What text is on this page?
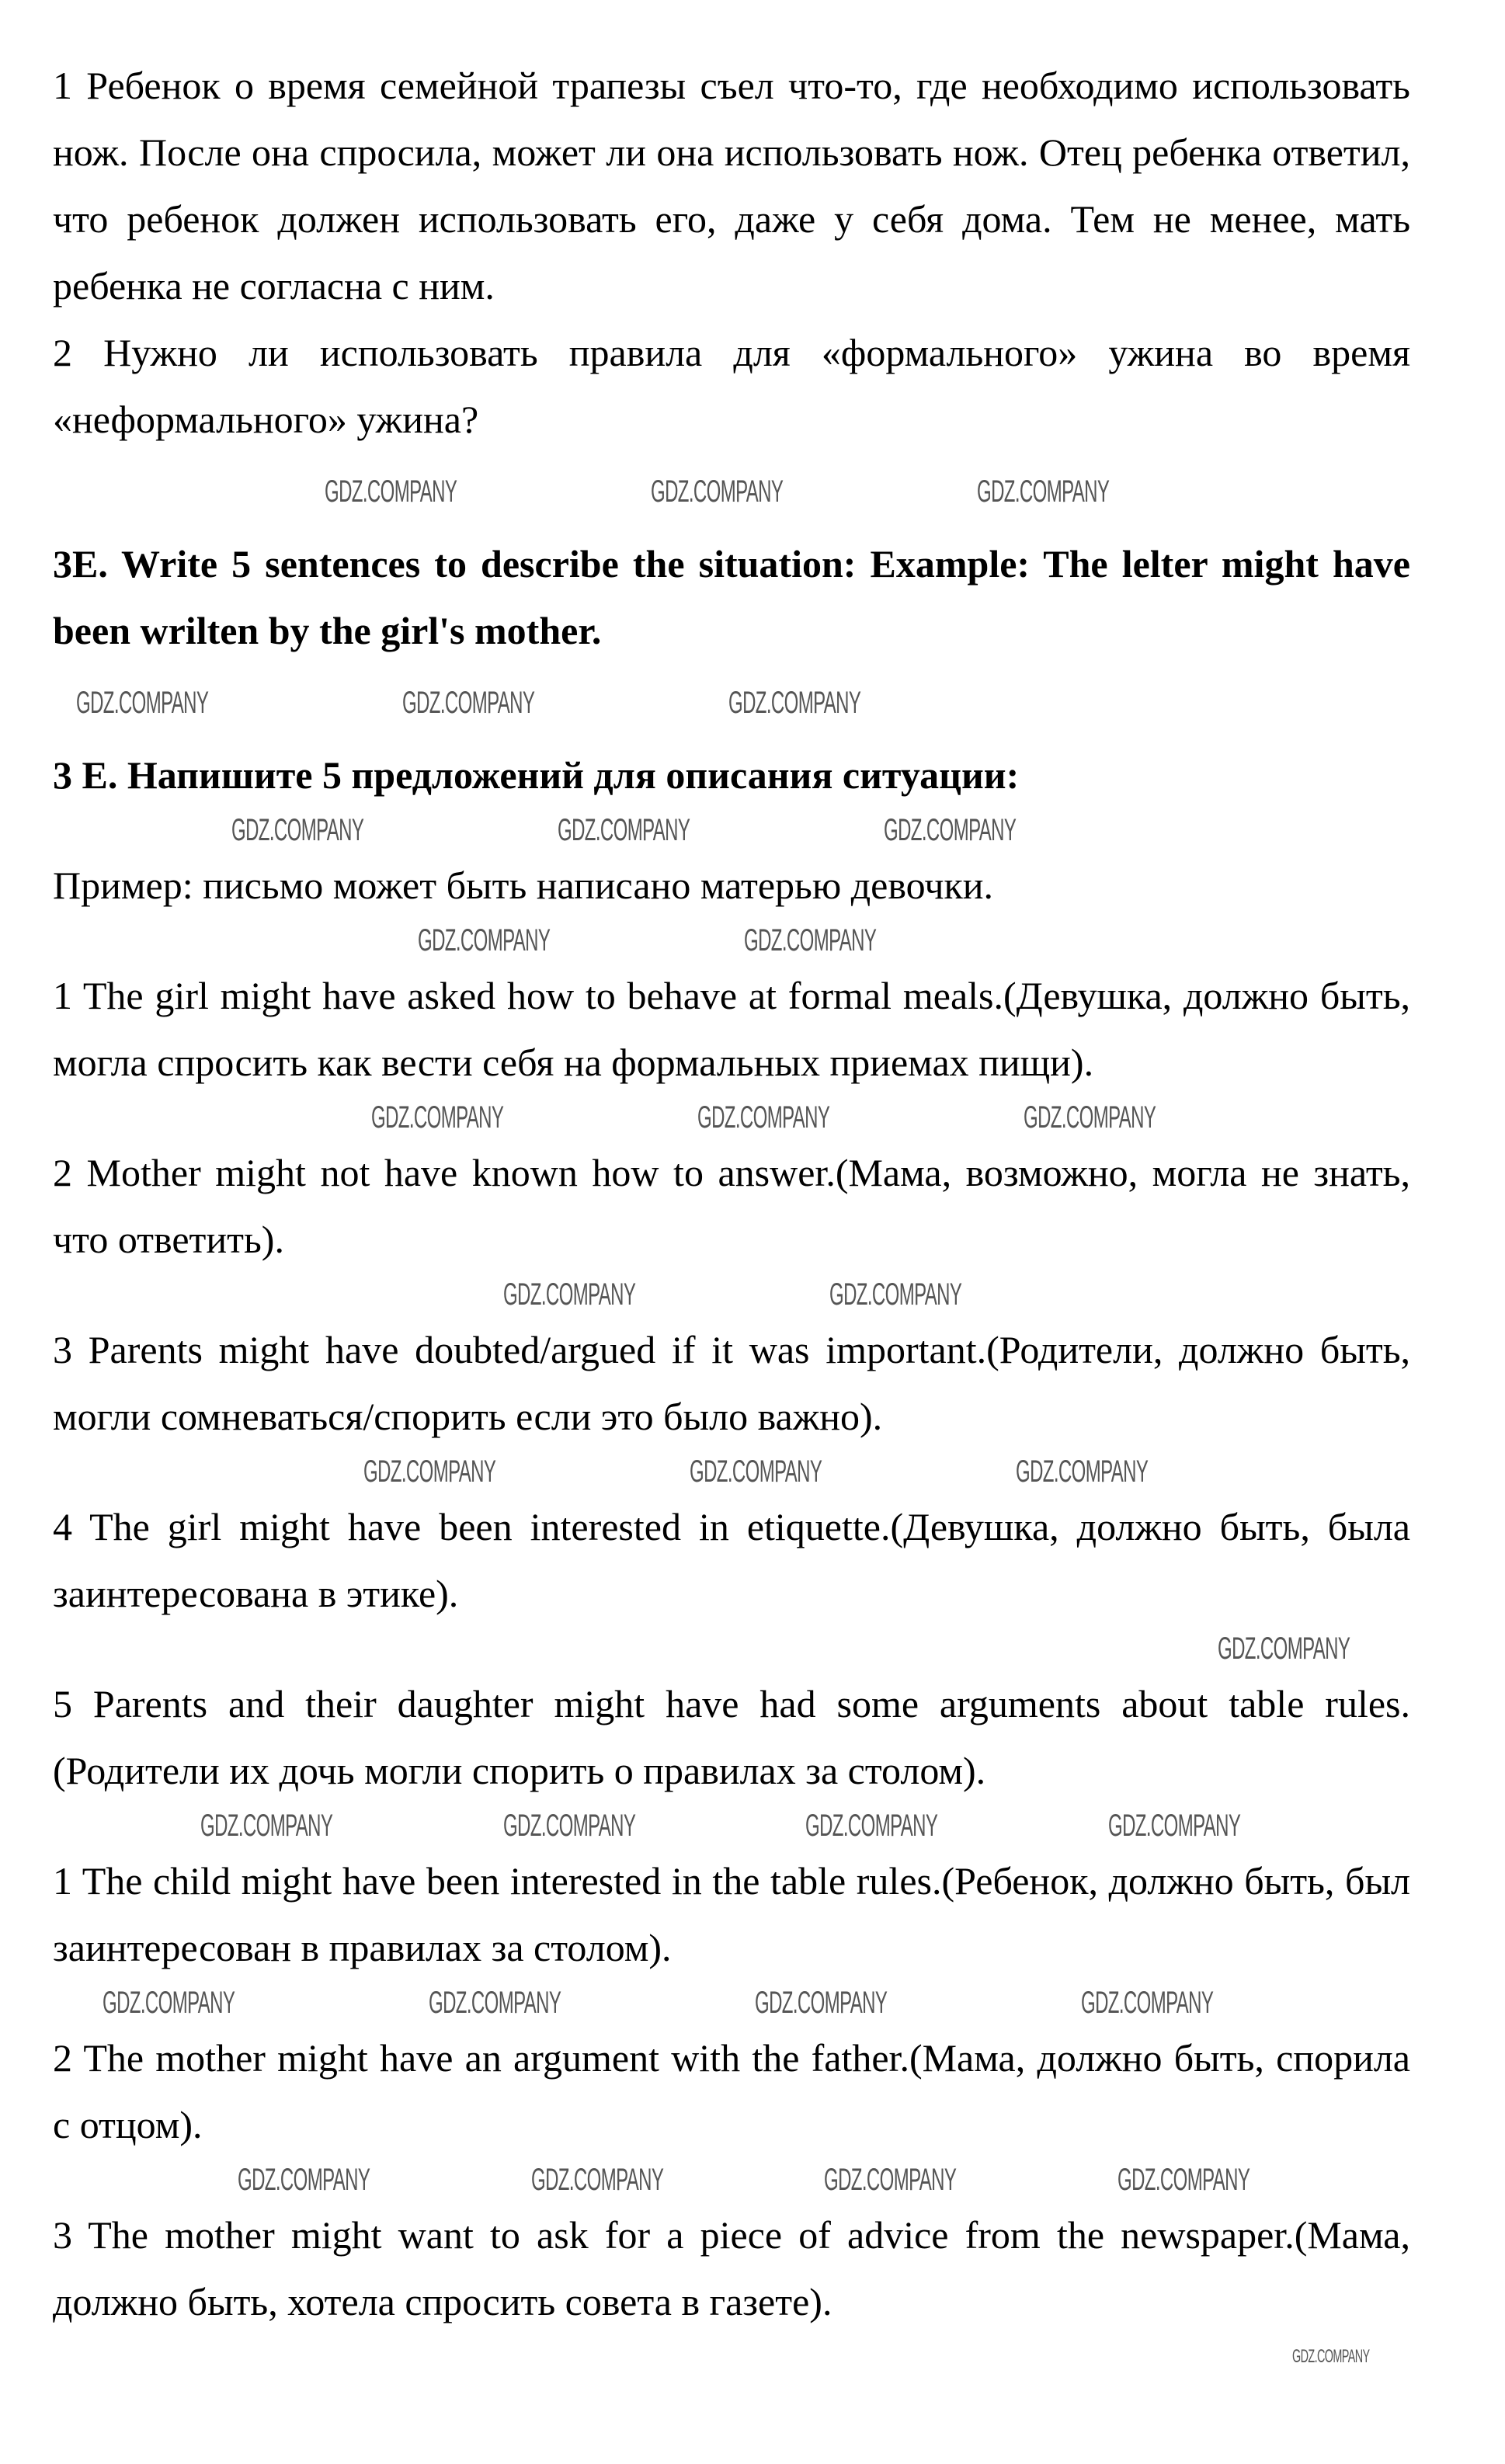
1 Ребенок о время семейной трапезы съел что-то, где необходимо использовать нож. После она спросила, может ли она использовать нож. Отец ребенка ответил, что ребенок должен использовать его, даже у себя дома. Тем не менее, мать ребенка не согласна с ним.

2 Нужно ли использовать правила для «формального» ужина во время «неформального» ужина?

GDZ.COMPANY	GDZ.COMPANY	GDZ.COMPANY

3E. Write 5 sentences to describe the situation: Example: The lelter might have been wrilten by the girl's mother.

GDZ.COMPANY	GDZ.COMPANY	GDZ.COMPANY

3 E. Напишите 5 предложений для описания ситуации:

GDZ.COMPANY	GDZ.COMPANY	GDZ.COMPANY

Пример: письмо может быть написано матерью девочки.

GDZ.COMPANY	GDZ.COMPANY

1 The girl might have asked how to behave at formal meals.(Девушка, должно быть, могла спросить как вести себя на формальных приемах пищи).

GDZ.COMPANY	GDZ.COMPANY	GDZ.COMPANY

2 Mother might not have known how to answer.(Мама, возможно, могла не знать, что ответить).

GDZ.COMPANY	GDZ.COMPANY

3 Parents might have doubted/argued if it was important.(Родители, должно быть, могли сомневаться/спорить если это было важно).

GDZ.COMPANY	GDZ.COMPANY	GDZ.COMPANY

4 The girl might have been interested in etiquette.(Девушка, должно быть, была заинтересована в этике).

GDZ.COMPANY

5 Parents and their daughter might have had some arguments about table rules.(Родители их дочь могли спорить о правилах за столом).

GDZ.COMPANY	GDZ.COMPANY	GDZ.COMPANY	GDZ.COMPANY

1 The child might have been interested in the table rules.(Ребенок, должно быть, был заинтересован в правилах за столом).

GDZ.COMPANY	GDZ.COMPANY	GDZ.COMPANY	GDZ.COMPANY

2 The mother might have an argument with the father.(Мама, должно быть, спорила с отцом).

GDZ.COMPANY	GDZ.COMPANY	GDZ.COMPANY	GDZ.COMPANY

3 The mother might want to ask for a piece of advice from the newspaper.(Мама, должно быть, хотела спросить совета в газете).

GDZ.COMPANY
